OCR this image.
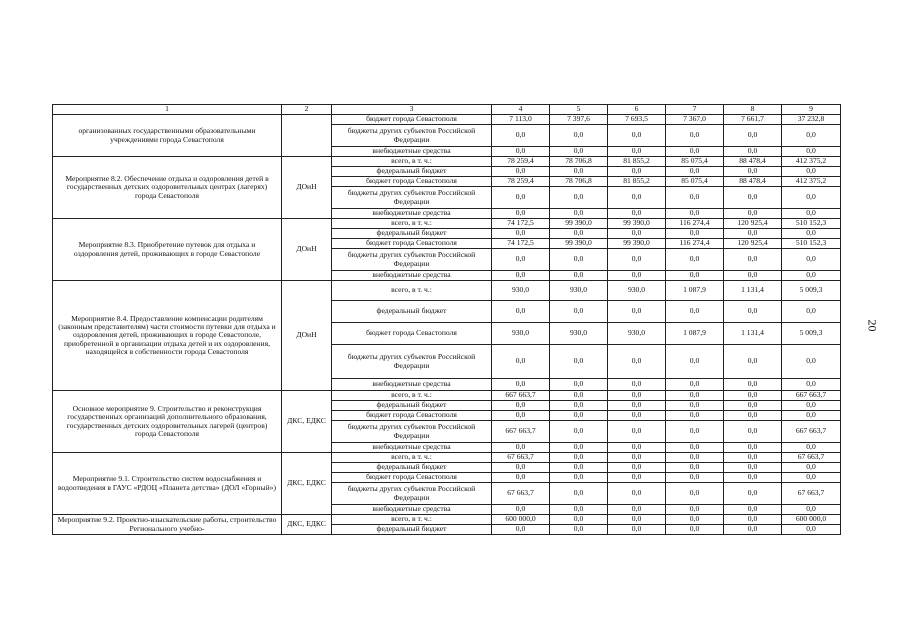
1	2	3	4	5	6	7	8	9
организованных государственными образовательными учреждениями города Севастополя		бюджет города Севастополя	7 113,0	7 397,6	7 693,5	7 367,0	7 661,7	37 232,8
		бюджеты других субъектов Российской Федерации	0,0	0,0	0,0	0,0	0,0	0,0
		внебюджетные средства	0,0	0,0	0,0	0,0	0,0	0,0
Мероприятие 8.2. Обеспечение отдыха и оздоровления детей в государственных детских оздоровительных центрах (лагерях) города Севастополя	ДОиН	всего, в т. ч.:	78 259,4	78 706,8	81 855,2	85 075,4	88 478,4	412 375,2
		федеральный бюджет	0,0	0,0	0,0	0,0	0,0	0,0
		бюджет города Севастополя	78 259,4	78 706,8	81 855,2	85 075,4	88 478,4	412 375,2
		бюджеты других субъектов Российской Федерации	0,0	0,0	0,0	0,0	0,0	0,0
		внебюджетные средства	0,0	0,0	0,0	0,0	0,0	0,0
Мероприятие 8.3. Приобретение путевок для отдыха и оздоровления детей, проживающих в городе Севастополе	ДОиН	всего, в т. ч.:	74 172,5	99 390,0	99 390,0	116 274,4	120 925,4	510 152,3
		федеральный бюджет	0,0	0,0	0,0	0,0	0,0	0,0
		бюджет города Севастополя	74 172,5	99 390,0	99 390,0	116 274,4	120 925,4	510 152,3
		бюджеты других субъектов Российской Федерации	0,0	0,0	0,0	0,0	0,0	0,0
		внебюджетные средства	0,0	0,0	0,0	0,0	0,0	0,0
Мероприятие 8.4. Предоставление компенсации родителям (законным представителям) части стоимости путевки для отдыха и оздоровления детей, проживающих в городе Севастополе, приобретенной в организации отдыха детей и их оздоровления, находящейся в собственности города Севастополя	ДОиН	всего, в т. ч.:	930,0	930,0	930,0	1 087,9	1 131,4	5 009,3
		федеральный бюджет	0,0	0,0	0,0	0,0	0,0	0,0
		бюджет города Севастополя	930,0	930,0	930,0	1 087,9	1 131,4	5 009,3
		бюджеты других субъектов Российской Федерации	0,0	0,0	0,0	0,0	0,0	0,0
		внебюджетные средства	0,0	0,0	0,0	0,0	0,0	0,0
Основное мероприятие 9. Строительство и реконструкция государственных организаций дополнительного образования, государственных детских оздоровительных лагерей (центров) города Севастополя	ДКС, ЕДКС	всего, в т. ч.:	667 663,7	0,0	0,0	0,0	0,0	667 663,7
		федеральный бюджет	0,0	0,0	0,0	0,0	0,0	0,0
		бюджет города Севастополя	0,0	0,0	0,0	0,0	0,0	0,0
		бюджеты других субъектов Российской Федерации	667 663,7	0,0	0,0	0,0	0,0	667 663,7
		внебюджетные средства	0,0	0,0	0,0	0,0	0,0	0,0
Мероприятие 9.1. Строительство систем водоснабжения и водоотведения в ГАУС «РДОЦ «Планета детства» (ДОЛ «Горный»)	ДКС, ЕДКС	всего, в т. ч.:	67 663,7	0,0	0,0	0,0	0,0	67 663,7
		федеральный бюджет	0,0	0,0	0,0	0,0	0,0	0,0
		бюджет города Севастополя	0,0	0,0	0,0	0,0	0,0	0,0
		бюджеты других субъектов Российской Федерации	67 663,7	0,0	0,0	0,0	0,0	67 663,7
		внебюджетные средства	0,0	0,0	0,0	0,0	0,0	0,0
Мероприятие 9.2. Проектно-изыскательские работы, строительство Регионального учебно-	ДКС, ЕДКС	всего, в т. ч.:	600 000,0	0,0	0,0	0,0	0,0	600 000,0
		федеральный бюджет	0,0	0,0	0,0	0,0	0,0	0,0
20
